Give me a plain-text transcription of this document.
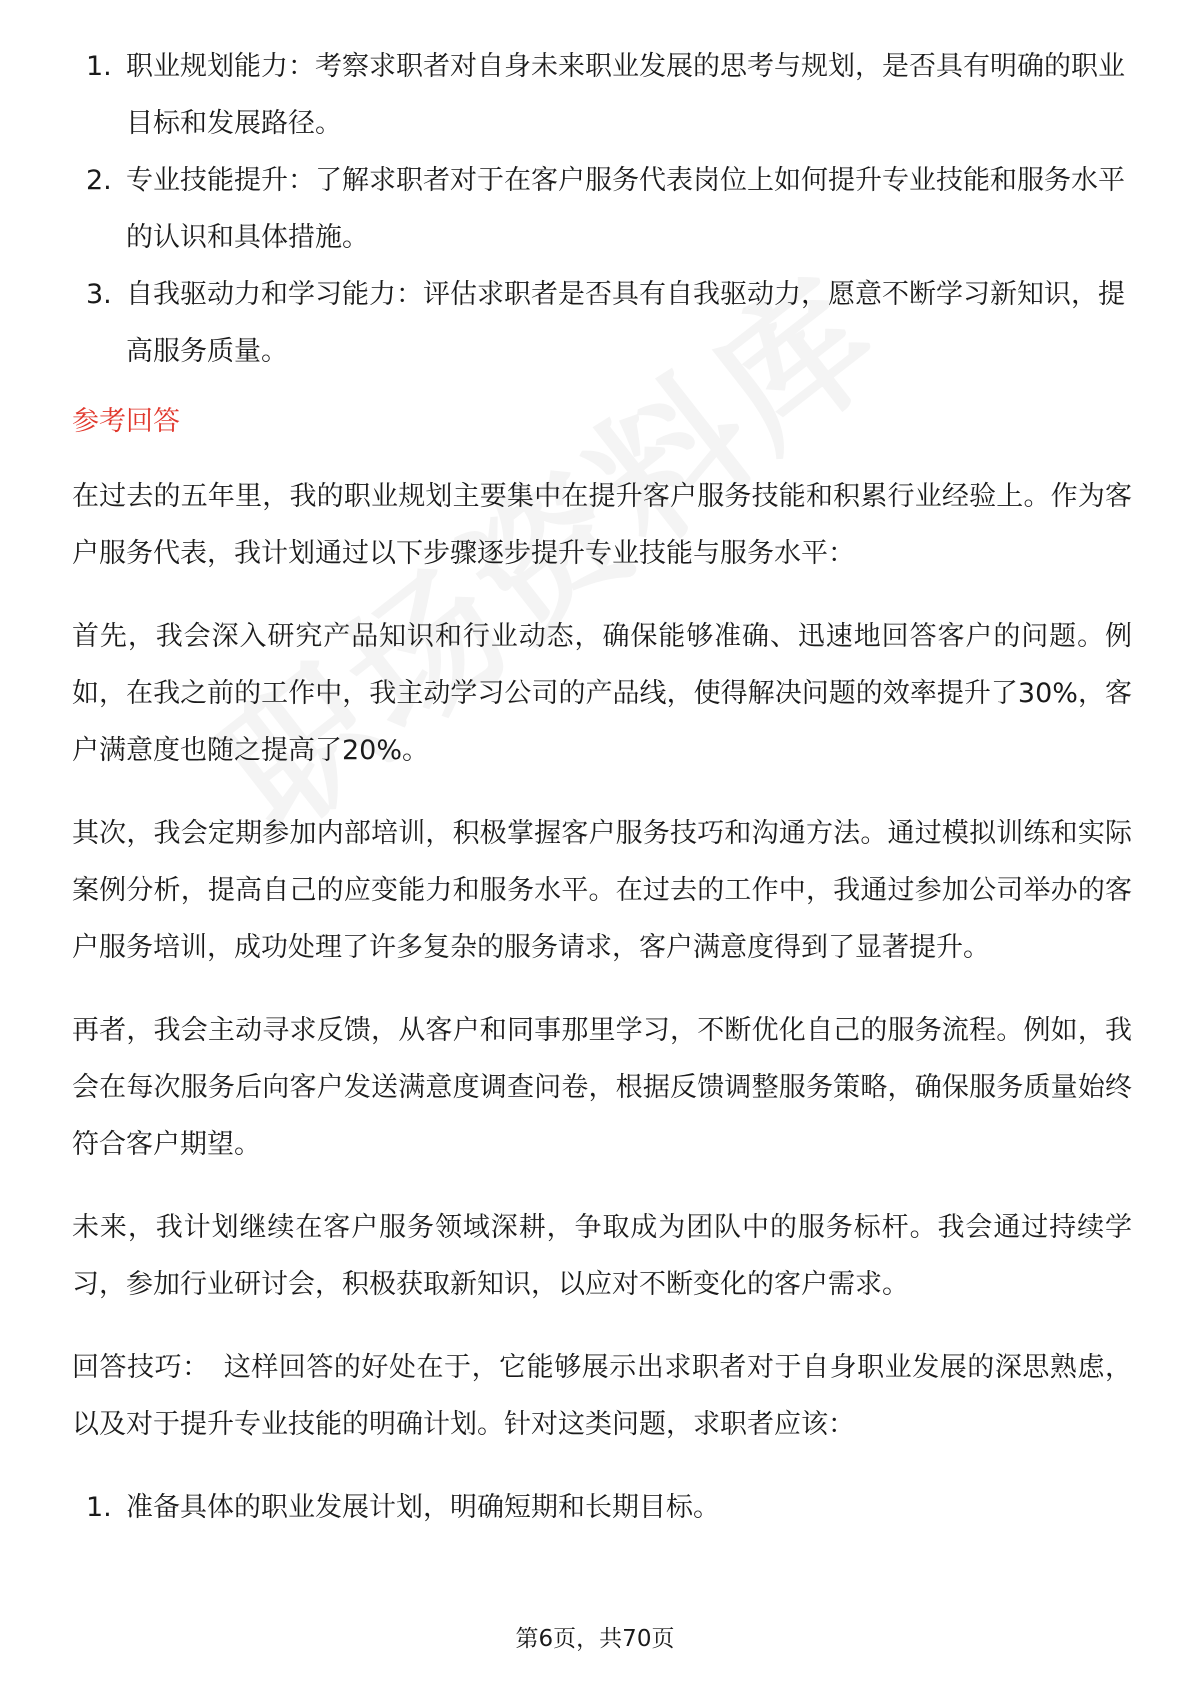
1. 职业规划能力：考察求职者对自身未来职业发展的思考与规划，是否具有明确的职业目标和发展路径。
2. 专业技能提升：了解求职者对于在客户服务代表岗位上如何提升专业技能和服务水平的认识和具体措施。
3. 自我驱动力和学习能力：评估求职者是否具有自我驱动力，愿意不断学习新知识，提高服务质量。
参考回答

在过去的五年里，我的职业规划主要集中在提升客户服务技能和积累行业经验上。作为客户服务代表，我计划通过以下步骤逐步提升专业技能与服务水平：

首先，我会深入研究产品知识和行业动态，确保能够准确、迅速地回答客户的问题。例如，在我之前的工作中，我主动学习公司的产品线，使得解决问题的效率提升了30%，客户满意度也随之提高了20%。

其次，我会定期参加内部培训，积极掌握客户服务技巧和沟通方法。通过模拟训练和实际案例分析，提高自己的应变能力和服务水平。在过去的工作中，我通过参加公司举办的客户服务培训，成功处理了许多复杂的服务请求，客户满意度得到了显著提升。

再者，我会主动寻求反馈，从客户和同事那里学习，不断优化自己的服务流程。例如，我会在每次服务后向客户发送满意度调查问卷，根据反馈调整服务策略，确保服务质量始终符合客户期望。

未来，我计划继续在客户服务领域深耕，争取成为团队中的服务标杆。我会通过持续学习，参加行业研讨会，积极获取新知识，以应对不断变化的客户需求。

回答技巧： 这样回答的好处在于，它能够展示出求职者对于自身职业发展的深思熟虑，以及对于提升专业技能的明确计划。针对这类问题，求职者应该：

1. 准备具体的职业发展计划，明确短期和长期目标。
第6页，共70页
